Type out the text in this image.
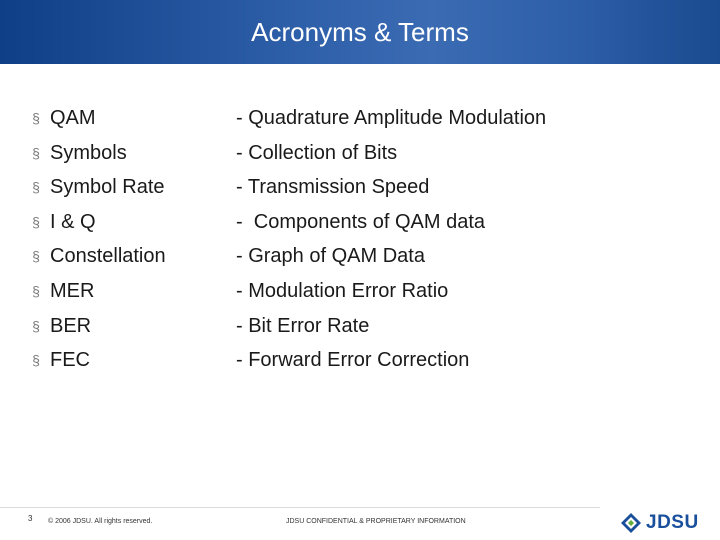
Acronyms & Terms
§ QAM
§ Symbols
§ Symbol Rate
§ I & Q
§ Constellation
§ MER
§ BER
§ FEC
- Quadrature Amplitude Modulation
- Collection of Bits
- Transmission Speed
-  Components of QAM data
- Graph of QAM Data
- Modulation Error Ratio
- Bit Error Rate
- Forward Error Correction
3 © 2006 JDSU. All rights reserved.	JDSU CONFIDENTIAL & PROPRIETARY INFORMATION	JDSU
